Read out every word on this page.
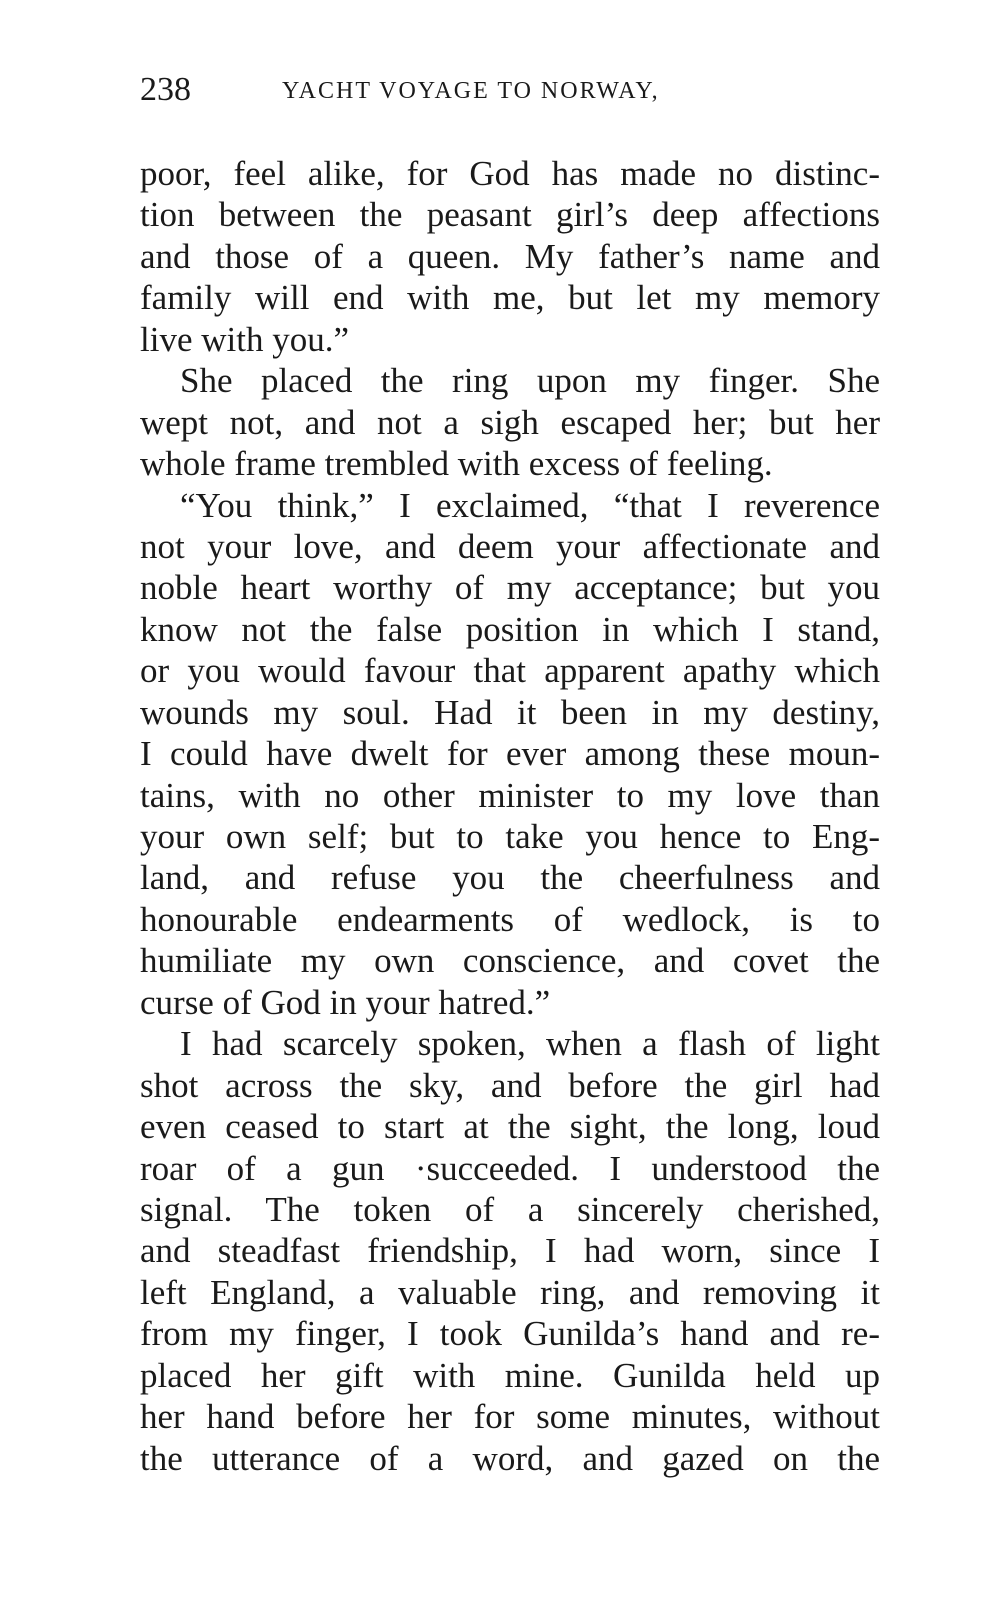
238	YACHT VOYAGE TO NORWAY,
poor, feel alike, for God has made no distinc-
tion between the peasant girl’s deep affections
and those of a queen. My father’s name and
family will end with me, but let my memory
live with you.”
She placed the ring upon my finger. She
wept not, and not a sigh escaped her; but her
whole frame trembled with excess of feeling.
“You think,” I exclaimed, “that I reverence
not your love, and deem your affectionate and
noble heart worthy of my acceptance; but you
know not the false position in which I stand,
or you would favour that apparent apathy which
wounds my soul. Had it been in my destiny,
I could have dwelt for ever among these moun-
tains, with no other minister to my love than
your own self; but to take you hence to Eng-
land, and refuse you the cheerfulness and
honourable endearments of wedlock, is to
humiliate my own conscience, and covet the
curse of God in your hatred.”
I had scarcely spoken, when a flash of light
shot across the sky, and before the girl had
even ceased to start at the sight, the long, loud
roar of a gun ·succeeded. I understood the
signal. The token of a sincerely cherished,
and steadfast friendship, I had worn, since I
left England, a valuable ring, and removing it
from my finger, I took Gunilda’s hand and re-
placed her gift with mine. Gunilda held up
her hand before her for some minutes, without
the utterance of a word, and gazed on the
